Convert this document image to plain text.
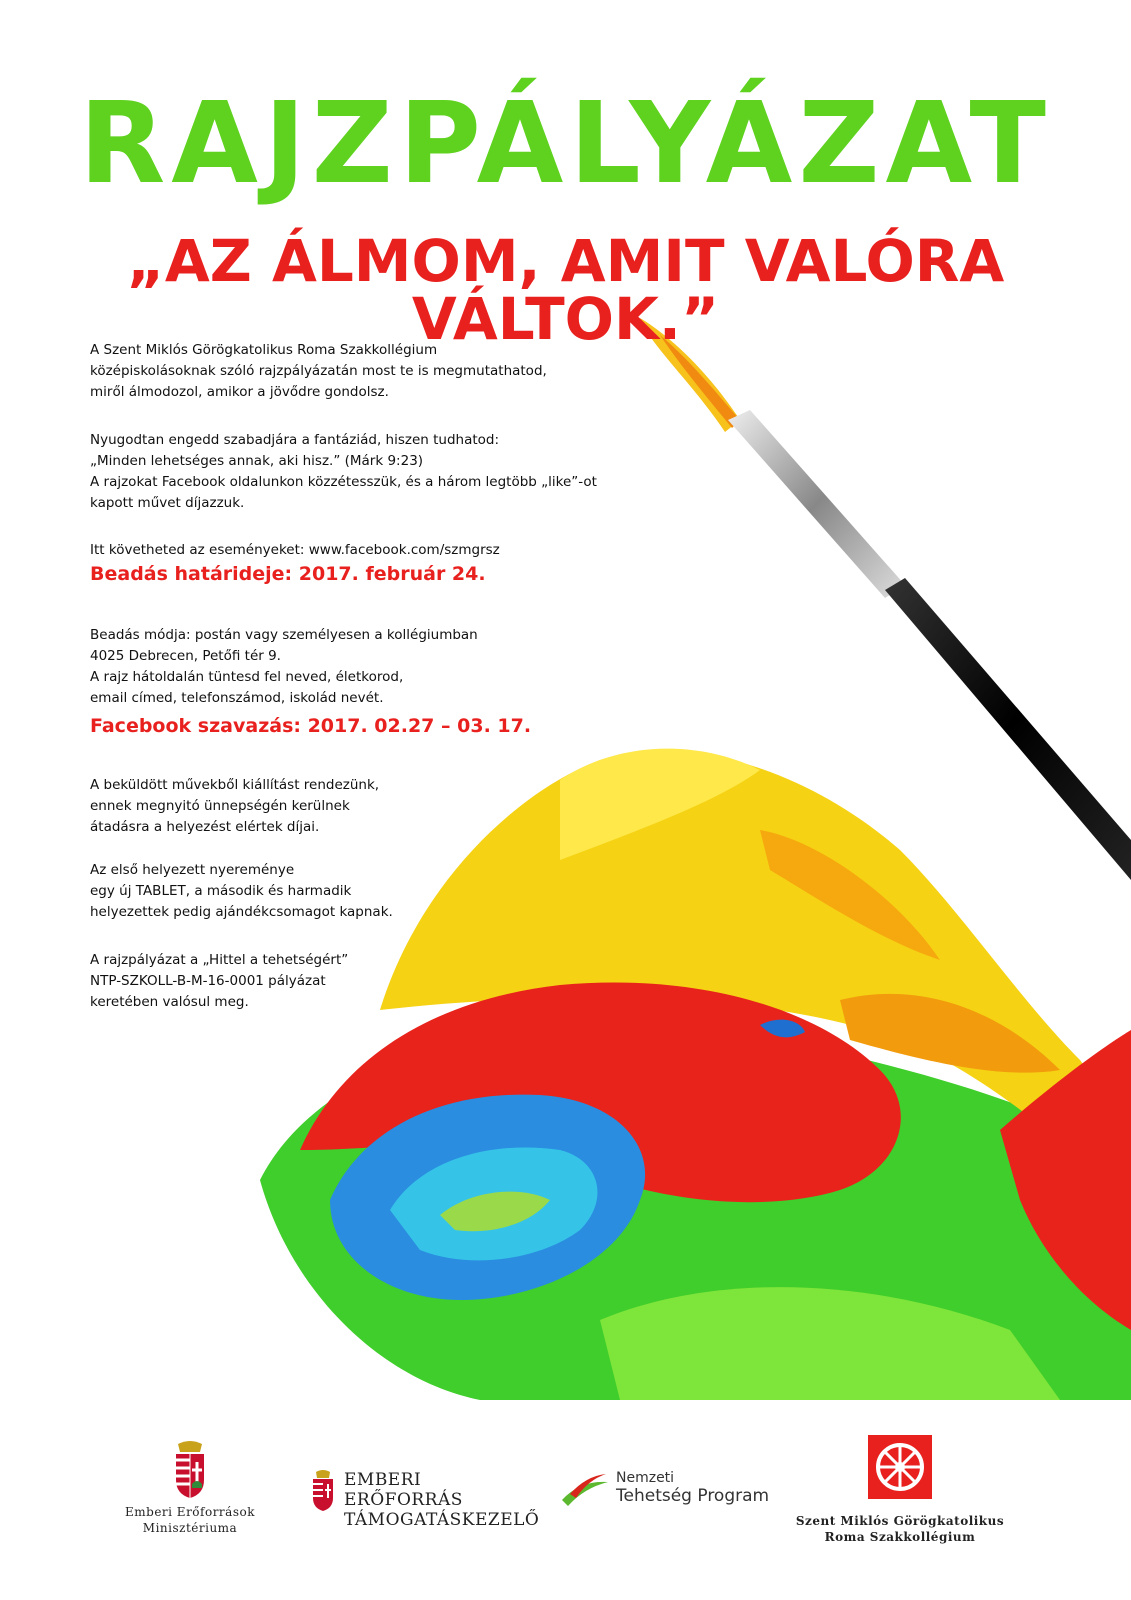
RAJZPÁLYÁZAT
„AZ ÁLMOM, AMIT VALÓRA VÁLTOK.”

A Szent Miklós Görögkatolikus Roma Szakkollégium

középiskolásoknak szóló rajzpályázatán most te is megmutathatod,

miről álmodozol, amikor a jövődre gondolsz.

Nyugodtan engedd szabadjára a fantáziád, hiszen tudhatod:

„Minden lehetséges annak, aki hisz.” (Márk 9:23)

A rajzokat Facebook oldalunkon közzétesszük, és a három legtöbb „like”-ot

kapott művet díjazzuk.

Itt követheted az eseményeket: www.facebook.com/szmgrsz

Beadás határideje: 2017. február 24.

Beadás módja: postán vagy személyesen a kollégiumban

4025 Debrecen, Petőfi tér 9.

A rajz hátoldalán tüntesd fel neved, életkorod,

email címed, telefonszámod, iskolád nevét.

Facebook szavazás: 2017. 02.27 – 03. 17.

A beküldött művekből kiállítást rendezünk,

ennek megnyitó ünnepségén kerülnek

átadásra a helyezést elértek díjai.

Az első helyezett nyereménye

egy új TABLET, a második és harmadik

helyezettek pedig ajándékcsomagot kapnak.

A rajzpályázat a „Hittel a tehetségért”

NTP-SZKOLL-B-M-16-0001 pályázat

keretében valósul meg.

Emberi Erőforrások
Minisztériuma
EMBERI ERŐFORRÁS
TÁMOGATÁSKEZELŐ
Nemzeti
Tehetség Program
Szent Miklós Görögkatolikus
Roma Szakkollégium
